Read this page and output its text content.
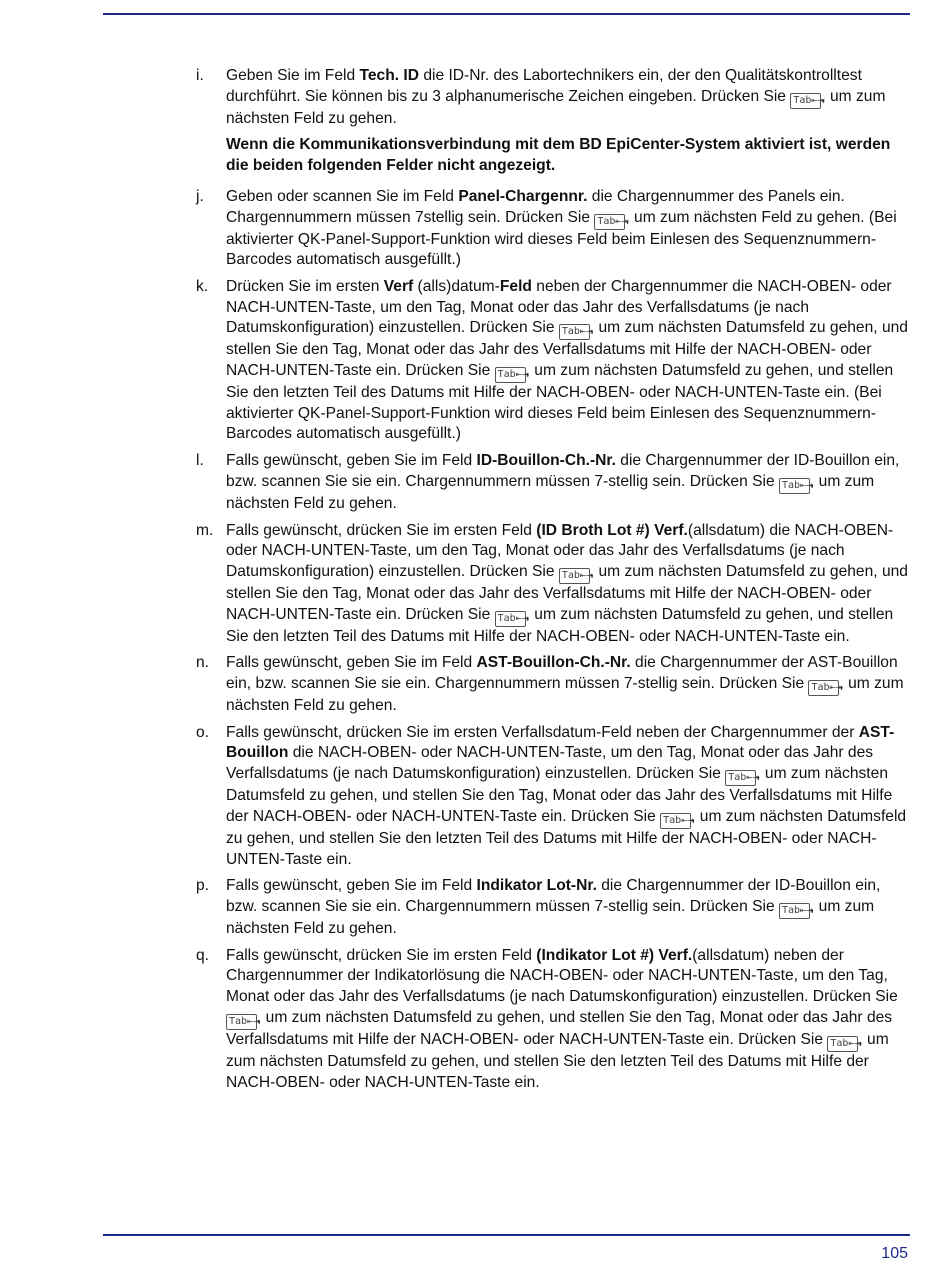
i. Geben Sie im Feld Tech. ID die ID-Nr. des Labortechnikers ein, der den Qualitätskontrolltest durchführt. Sie können bis zu 3 alphanumerische Zeichen eingeben. Drücken Sie Tab⇤⇥, um zum nächsten Feld zu gehen.
Wenn die Kommunikationsverbindung mit dem BD EpiCenter-System aktiviert ist, werden die beiden folgenden Felder nicht angezeigt.
j. Geben oder scannen Sie im Feld Panel-Chargennr. die Chargennummer des Panels ein. Chargennummern müssen 7stellig sein. Drücken Sie Tab⇤⇥, um zum nächsten Feld zu gehen. (Bei aktivierter QK-Panel-Support-Funktion wird dieses Feld beim Einlesen des Sequenznummern-Barcodes automatisch ausgefüllt.)
k. Drücken Sie im ersten Verf (alls)datum-Feld neben der Chargennummer die NACH-OBEN- oder NACH-UNTEN-Taste, um den Tag, Monat oder das Jahr des Verfallsdatums (je nach Datumskonfiguration) einzustellen. Drücken Sie Tab⇤⇥, um zum nächsten Datumsfeld zu gehen, und stellen Sie den Tag, Monat oder das Jahr des Verfallsdatums mit Hilfe der NACH-OBEN- oder NACH-UNTEN-Taste ein. Drücken Sie Tab⇤⇥, um zum nächsten Datumsfeld zu gehen, und stellen Sie den letzten Teil des Datums mit Hilfe der NACH-OBEN- oder NACH-UNTEN-Taste ein. (Bei aktivierter QK-Panel-Support-Funktion wird dieses Feld beim Einlesen des Sequenznummern-Barcodes automatisch ausgefüllt.)
l. Falls gewünscht, geben Sie im Feld ID-Bouillon-Ch.-Nr. die Chargennummer der ID-Bouillon ein, bzw. scannen Sie sie ein. Chargennummern müssen 7-stellig sein. Drücken Sie Tab⇤⇥, um zum nächsten Feld zu gehen.
m. Falls gewünscht, drücken Sie im ersten Feld (ID Broth Lot #) Verf.(allsdatum) die NACH-OBEN- oder NACH-UNTEN-Taste, um den Tag, Monat oder das Jahr des Verfallsdatums (je nach Datumskonfiguration) einzustellen. Drücken Sie Tab⇤⇥, um zum nächsten Datumsfeld zu gehen, und stellen Sie den Tag, Monat oder das Jahr des Verfallsdatums mit Hilfe der NACH-OBEN- oder NACH-UNTEN-Taste ein. Drücken Sie Tab⇤⇥, um zum nächsten Datumsfeld zu gehen, und stellen Sie den letzten Teil des Datums mit Hilfe der NACH-OBEN- oder NACH-UNTEN-Taste ein.
n. Falls gewünscht, geben Sie im Feld AST-Bouillon-Ch.-Nr. die Chargennummer der AST-Bouillon ein, bzw. scannen Sie sie ein. Chargennummern müssen 7-stellig sein. Drücken Sie Tab⇤⇥, um zum nächsten Feld zu gehen.
o. Falls gewünscht, drücken Sie im ersten Verfallsdatum-Feld neben der Chargennummer der AST-Bouillon die NACH-OBEN- oder NACH-UNTEN-Taste, um den Tag, Monat oder das Jahr des Verfallsdatums (je nach Datumskonfiguration) einzustellen. Drücken Sie Tab⇤⇥, um zum nächsten Datumsfeld zu gehen, und stellen Sie den Tag, Monat oder das Jahr des Verfallsdatums mit Hilfe der NACH-OBEN- oder NACH-UNTEN-Taste ein. Drücken Sie Tab⇤⇥, um zum nächsten Datumsfeld zu gehen, und stellen Sie den letzten Teil des Datums mit Hilfe der NACH-OBEN- oder NACH-UNTEN-Taste ein.
p. Falls gewünscht, geben Sie im Feld Indikator Lot-Nr. die Chargennummer der ID-Bouillon ein, bzw. scannen Sie sie ein. Chargennummern müssen 7-stellig sein. Drücken Sie Tab⇤⇥, um zum nächsten Feld zu gehen.
q. Falls gewünscht, drücken Sie im ersten Feld (Indikator Lot #) Verf.(allsdatum) neben der Chargennummer der Indikatorlösung die NACH-OBEN- oder NACH-UNTEN-Taste, um den Tag, Monat oder das Jahr des Verfallsdatums (je nach Datumskonfiguration) einzustellen. Drücken Sie Tab⇤⇥, um zum nächsten Datumsfeld zu gehen, und stellen Sie den Tag, Monat oder das Jahr des Verfallsdatums mit Hilfe der NACH-OBEN- oder NACH-UNTEN-Taste ein. Drücken Sie Tab⇤⇥, um zum nächsten Datumsfeld zu gehen, und stellen Sie den letzten Teil des Datums mit Hilfe der NACH-OBEN- oder NACH-UNTEN-Taste ein.
105
